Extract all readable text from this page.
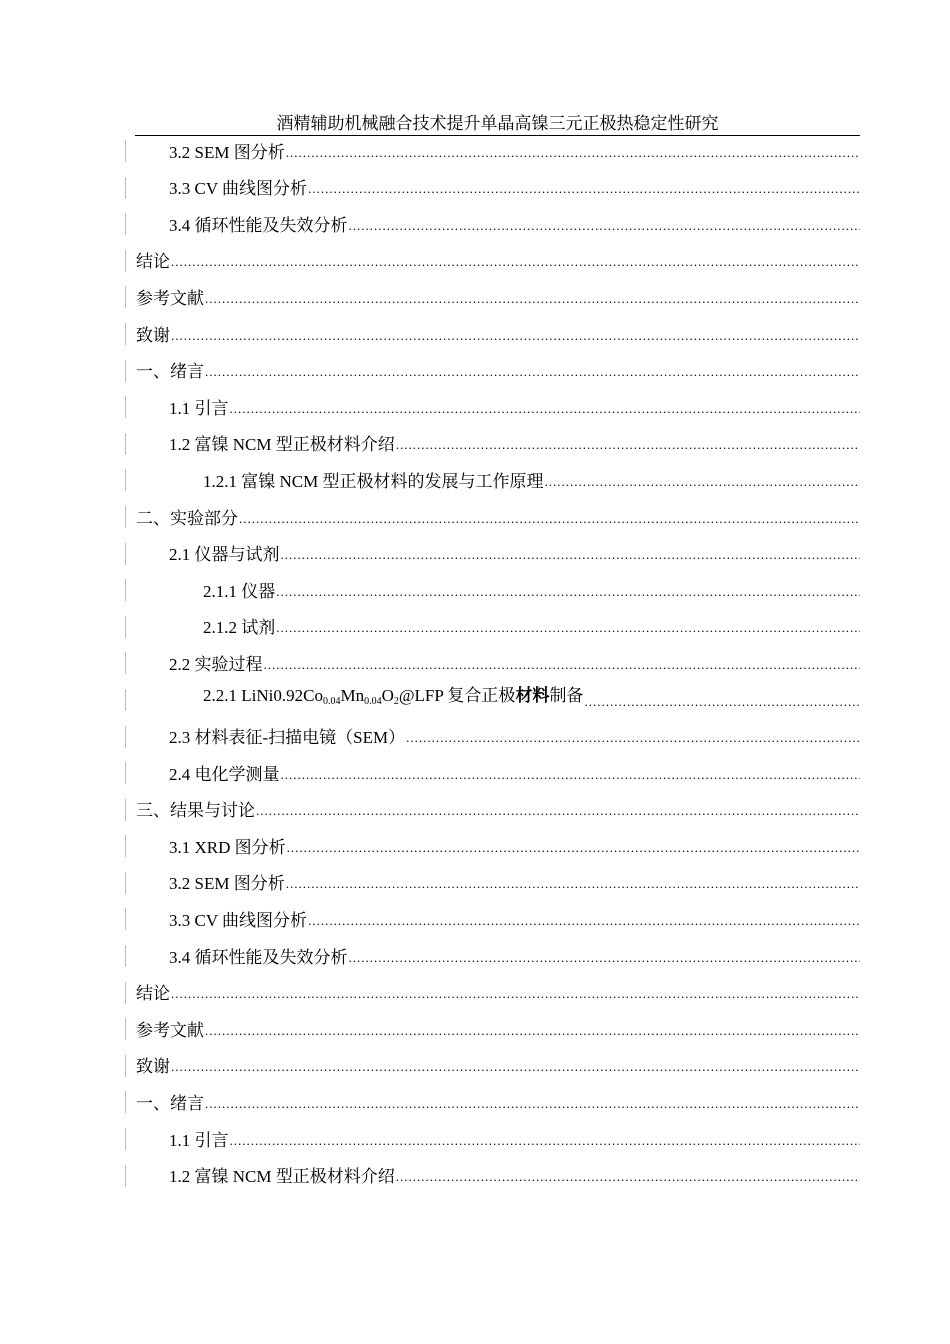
酒精辅助机械融合技术提升单晶高镍三元正极热稳定性研究
3.2 SEM 图分析
.....
3.3 CV 曲线图分析
.....
3.4 循环性能及失效分析
.....
结论
.....
参考文献
.....
致谢
.....
一、绪言
.....
1.1 引言
.....
1.2 富镍 NCM 型正极材料介绍
.....
1.2.1 富镍 NCM 型正极材料的发展与工作原理
.....
二、实验部分
.....
2.1 仪器与试剂
.....
2.1.1 仪器
.....
2.1.2 试剂
.....
2.2 实验过程
.....
2.2.1 $LiNi0.92Co_{0.04}Mn_{0.04}O_2@LFP$ 复合正极材料制备
.....
2.3 材料表征-扫描电镜（SEM）
.....
2.4 电化学测量
.....
三、结果与讨论
.....
3.1 XRD 图分析
.....
3.2 SEM 图分析
.....
3.3 CV 曲线图分析
.....
3.4 循环性能及失效分析
.....
结论
.....
参考文献
.....
致谢
.....
一、绪言
.....
1.1 引言
.....
1.2 富镍 NCM 型正极材料介绍
.....
